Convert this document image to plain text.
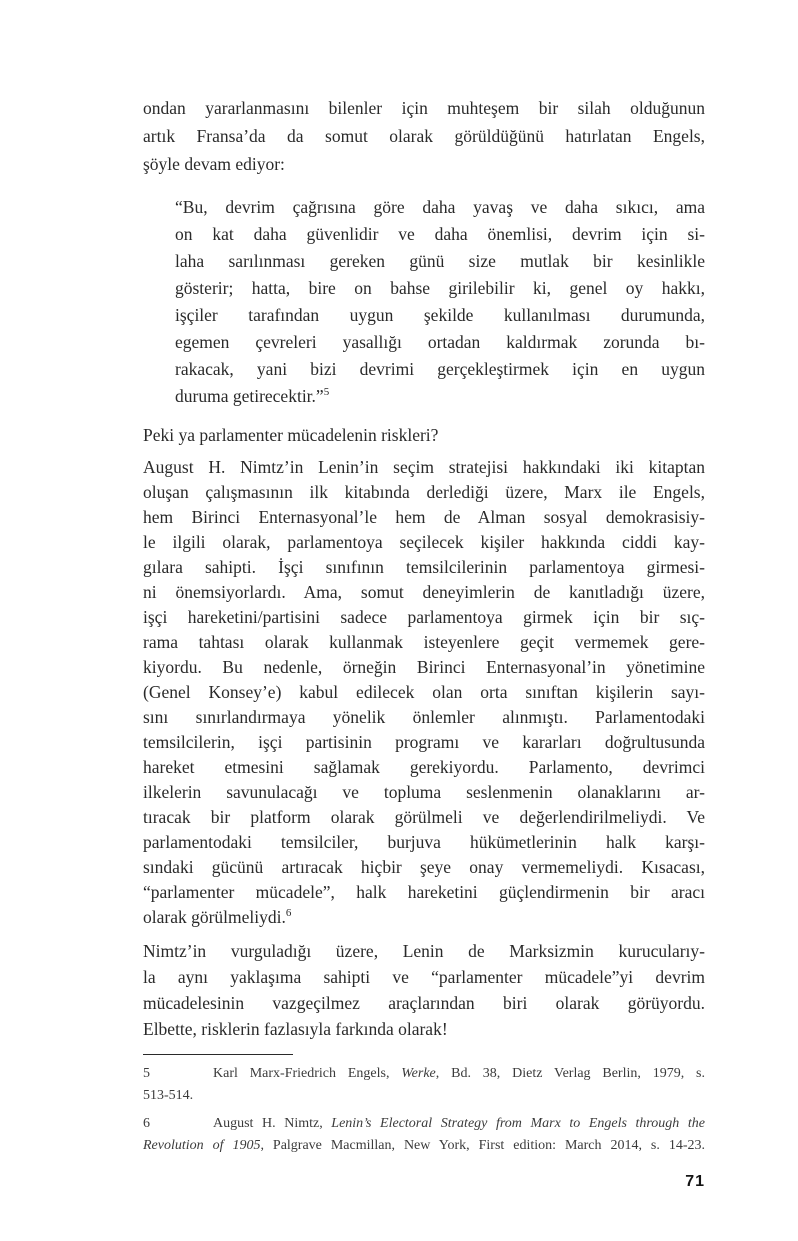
ondan yararlanmasını bilenler için muhteşem bir silah olduğunun
artık Fransa’da da somut olarak görüldüğünü hatırlatan Engels,
şöyle devam ediyor:

“Bu, devrim çağrısına göre daha yavaş ve daha sıkıcı, ama
on kat daha güvenlidir ve daha önemlisi, devrim için si-
laha sarılınması gereken günü size mutlak bir kesinlikle
gösterir; hatta, bire on bahse girilebilir ki, genel oy hakkı,
işçiler tarafından uygun şekilde kullanılması durumunda,
egemen çevreleri yasallığı ortadan kaldırmak zorunda bı-
rakacak, yani bizi devrimi gerçekleştirmek için en uygun
duruma getirecektir.”$^5$

Peki ya parlamenter mücadelenin riskleri?

August H. Nimtz’in Lenin’in seçim stratejisi hakkındaki iki kitaptan
oluşan çalışmasının ilk kitabında derlediği üzere, Marx ile Engels,
hem Birinci Enternasyonal’le hem de Alman sosyal demokrasisiy-
le ilgili olarak, parlamentoya seçilecek kişiler hakkında ciddi kay-
gılara sahipti. İşçi sınıfının temsilcilerinin parlamentoya girmesi-
ni önemsiyorlardı. Ama, somut deneyimlerin de kanıtladığı üzere,
işçi hareketini/partisini sadece parlamentoya girmek için bir sıç-
rama tahtası olarak kullanmak isteyenlere geçit vermemek gere-
kiyordu. Bu nedenle, örneğin Birinci Enternasyonal’in yönetimine
(Genel Konsey’e) kabul edilecek olan orta sınıftan kişilerin sayı-
sını sınırlandırmaya yönelik önlemler alınmıştı. Parlamentodaki
temsilcilerin, işçi partisinin programı ve kararları doğrultusunda
hareket etmesini sağlamak gerekiyordu. Parlamento, devrimci
ilkelerin savunulacağı ve topluma seslenmenin olanaklarını ar-
tıracak bir platform olarak görülmeli ve değerlendirilmeliydi. Ve
parlamentodaki temsilciler, burjuva hükümetlerinin halk karşı-
sındaki gücünü artıracak hiçbir şeye onay vermemeliydi. Kısacası,
“parlamenter mücadele”, halk hareketini güçlendirmenin bir aracı
olarak görülmeliydi.$^6$

Nimtz’in vurguladığı üzere, Lenin de Marksizmin kurucularıy-
la aynı yaklaşıma sahipti ve “parlamenter mücadele”yi devrim
mücadelesinin vazgeçilmez araçlarından biri olarak görüyordu.
Elbette, risklerin fazlasıyla farkında olarak!

5	Karl Marx-Friedrich Engels, Werke, Bd. 38, Dietz Verlag Berlin, 1979, s.
513-514.
6	August H. Nimtz, Lenin’s Electoral Strategy from Marx to Engels through the
Revolution of 1905, Palgrave Macmillan, New York, First edition: March 2014, s. 14-23.
71
